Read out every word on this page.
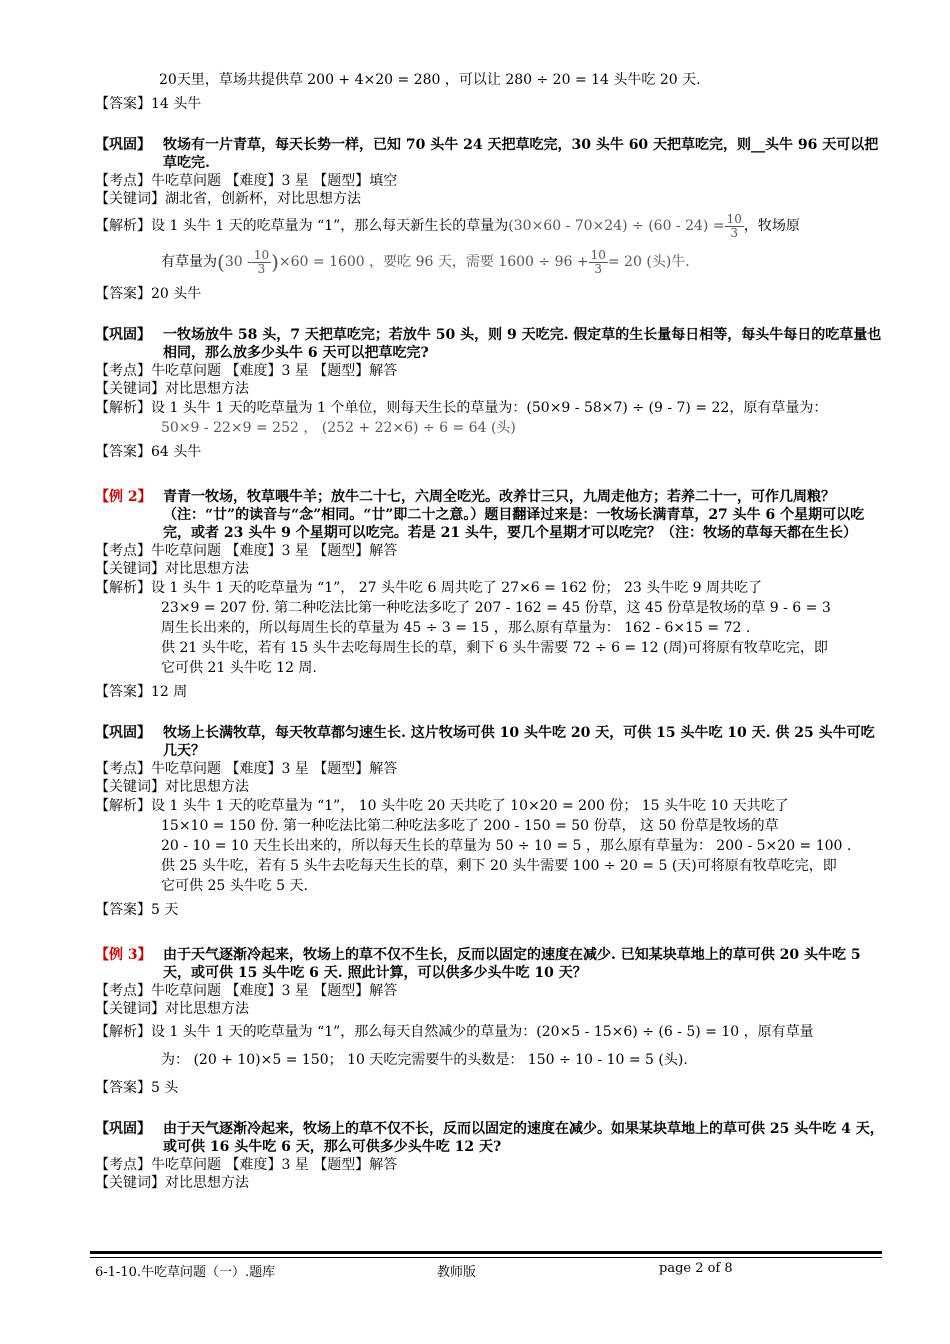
20天里，草场共提供草 200 + 4×20 = 280 ，可以让 280 ÷ 20 = 14 头牛吃 20 天.
【答案】14 头牛
【巩固】 牧场有一片青草，每天长势一样，已知 70 头牛 24 天把草吃完，30 头牛 60 天把草吃完，则__头牛 96 天可以把草吃完.
【考点】牛吃草问题 【难度】3 星 【题型】填空
【关键词】湖北省，创新杯，对比思想方法
【解析】设 1 头牛 1 天的吃草量为 “1”，那么每天新生长的草量为$(30\times 60 - 70\times 24) \div (60 - 24) = \frac{10}{3}$ ，牧场原
有草量为$(30 - \frac{10}{3} )\times 60 = 1600$ ，要吃 96 天，需要 $1600 \div 96 + \frac{10}{3} = 20$ (头)牛.
【答案】20 头牛
【巩固】 一牧场放牛 58 头，7 天把草吃完；若放牛 50 头，则 9 天吃完. 假定草的生长量每日相等，每头牛每日的吃草量也相同，那么放多少头牛 6 天可以把草吃完?
【考点】牛吃草问题 【难度】3 星 【题型】解答
【关键词】对比思想方法
【解析】设 1 头牛 1 天的吃草量为 1 个单位，则每天生长的草量为：(50×9 - 58×7) ÷ (9 - 7) = 22，原有草量为：
50×9 - 22×9 = 252 ， (252 + 22×6) ÷ 6 = 64 (头)
【答案】64 头牛
【例 2】 青青一牧场，牧草喂牛羊；放牛二十七，六周全吃光。改养廿三只，九周走他方；若养二十一，可作几周粮？（注：“廿”的读音与“念”相同。“廿”即二十之意。）题目翻译过来是：一牧场长满青草，27 头牛 6 个星期可以吃完，或者 23 头牛 9 个星期可以吃完。若是 21 头牛，要几个星期才可以吃完？（注：牧场的草每天都在生长）
【考点】牛吃草问题 【难度】3 星 【题型】解答
【关键词】对比思想方法
【解析】设 1 头牛 1 天的吃草量为 “1”， 27 头牛吃 6 周共吃了 27×6 = 162 份； 23 头牛吃 9 周共吃了
23×9 = 207 份. 第二种吃法比第一种吃法多吃了 207 - 162 = 45 份草，这 45 份草是牧场的草 9 - 6 = 3
周生长出来的，所以每周生长的草量为 45 ÷ 3 = 15 ，那么原有草量为： 162 - 6×15 = 72 .
供 21 头牛吃，若有 15 头牛去吃每周生长的草，剩下 6 头牛需要 72 ÷ 6 = 12 (周)可将原有牧草吃完，即
它可供 21 头牛吃 12 周.
【答案】12 周
【巩固】 牧场上长满牧草，每天牧草都匀速生长. 这片牧场可供 10 头牛吃 20 天，可供 15 头牛吃 10 天. 供 25 头牛可吃几天？
【考点】牛吃草问题 【难度】3 星 【题型】解答
【关键词】对比思想方法
【解析】设 1 头牛 1 天的吃草量为 “1”， 10 头牛吃 20 天共吃了 10×20 = 200 份； 15 头牛吃 10 天共吃了
15×10 = 150 份. 第一种吃法比第二种吃法多吃了 200 - 150 = 50 份草， 这 50 份草是牧场的草
20 - 10 = 10 天生长出来的，所以每天生长的草量为 50 ÷ 10 = 5 ，那么原有草量为： 200 - 5×20 = 100 .
供 25 头牛吃，若有 5 头牛去吃每天生长的草，剩下 20 头牛需要 100 ÷ 20 = 5 (天)可将原有牧草吃完，即
它可供 25 头牛吃 5 天.
【答案】5 天
【例 3】 由于天气逐渐冷起来，牧场上的草不仅不生长，反而以固定的速度在减少. 已知某块草地上的草可供 20 头牛吃 5 天，或可供 15 头牛吃 6 天. 照此计算，可以供多少头牛吃 10 天？
【考点】牛吃草问题 【难度】3 星 【题型】解答
【关键词】对比思想方法
【解析】设 1 头牛 1 天的吃草量为 “1”，那么每天自然减少的草量为：(20×5 - 15×6) ÷ (6 - 5) = 10 ，原有草量
为： (20 + 10)×5 = 150； 10 天吃完需要牛的头数是： 150 ÷ 10 - 10 = 5 (头).
【答案】5 头
【巩固】 由于天气逐渐冷起来，牧场上的草不仅不长，反而以固定的速度在减少。如果某块草地上的草可供 25 头牛吃 4 天，或可供 16 头牛吃 6 天，那么可供多少头牛吃 12 天?
【考点】牛吃草问题 【难度】3 星 【题型】解答
【关键词】对比思想方法
6-1-10.牛吃草问题（一）.题库	教师版	page 2 of 8
